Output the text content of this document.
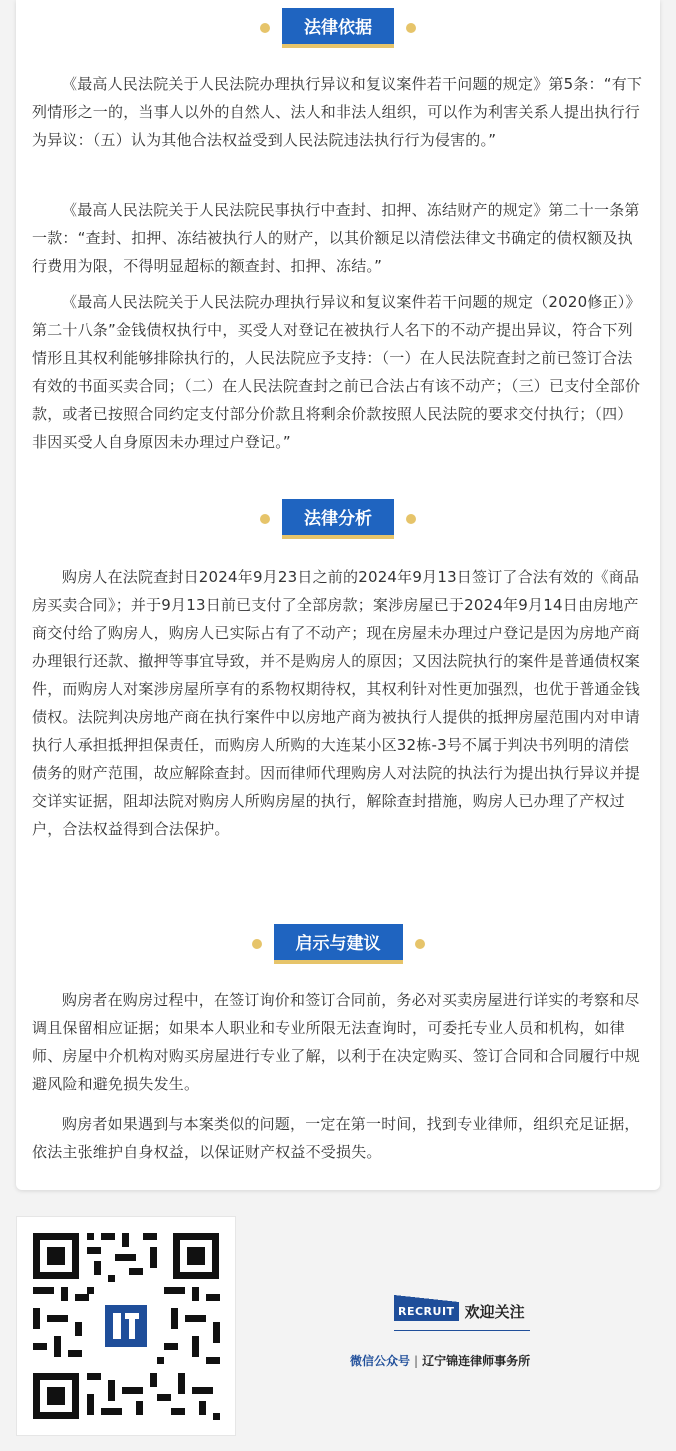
法律依据

《最高人民法院关于人民法院办理执行异议和复议案件若干问题的规定》第5条：“有下列情形之一的，当事人以外的自然人、法人和非法人组织，可以作为利害关系人提出执行行为异议：（五）认为其他合法权益受到人民法院违法执行行为侵害的。”

《最高人民法院关于人民法院民事执行中查封、扣押、冻结财产的规定》第二十一条第一款：“查封、扣押、冻结被执行人的财产，以其价额足以清偿法律文书确定的债权额及执行费用为限，不得明显超标的额查封、扣押、冻结。”

《最高人民法院关于人民法院办理执行异议和复议案件若干问题的规定（2020修正）》第二十八条”金钱债权执行中，买受人对登记在被执行人名下的不动产提出异议，符合下列情形且其权利能够排除执行的，人民法院应予支持：（一）在人民法院查封之前已签订合法有效的书面买卖合同；（二）在人民法院查封之前已合法占有该不动产；（三）已支付全部价款，或者已按照合同约定支付部分价款且将剩余价款按照人民法院的要求交付执行；（四）非因买受人自身原因未办理过户登记。”

法律分析

购房人在法院查封日2024年9月23日之前的2024年9月13日签订了合法有效的《商品房买卖合同》；并于9月13日前已支付了全部房款；案涉房屋已于2024年9月14日由房地产商交付给了购房人，购房人已实际占有了不动产；现在房屋未办理过户登记是因为房地产商办理银行还款、撤押等事宜导致，并不是购房人的原因；又因法院执行的案件是普通债权案件，而购房人对案涉房屋所享有的系物权期待权，其权利针对性更加强烈，也优于普通金钱债权。法院判决房地产商在执行案件中以房地产商为被执行人提供的抵押房屋范围内对申请执行人承担抵押担保责任，而购房人所购的大连某小区32栋-3号不属于判决书列明的清偿债务的财产范围，故应解除查封。因而律师代理购房人对法院的执法行为提出执行异议并提交详实证据，阻却法院对购房人所购房屋的执行，解除查封措施，购房人已办理了产权过户，合法权益得到合法保护。

启示与建议

购房者在购房过程中，在签订询价和签订合同前，务必对买卖房屋进行详实的考察和尽调且保留相应证据；如果本人职业和专业所限无法查询时，可委托专业人员和机构，如律师、房屋中介机构对购买房屋进行专业了解，以利于在决定购买、签订合同和合同履行中规避风险和避免损失发生。

购房者如果遇到与本案类似的问题，一定在第一时间，找到专业律师，组织充足证据，依法主张维护自身权益，以保证财产权益不受损失。

RECRUIT 欢迎关注
微信公众号 | 辽宁锦连律师事务所
